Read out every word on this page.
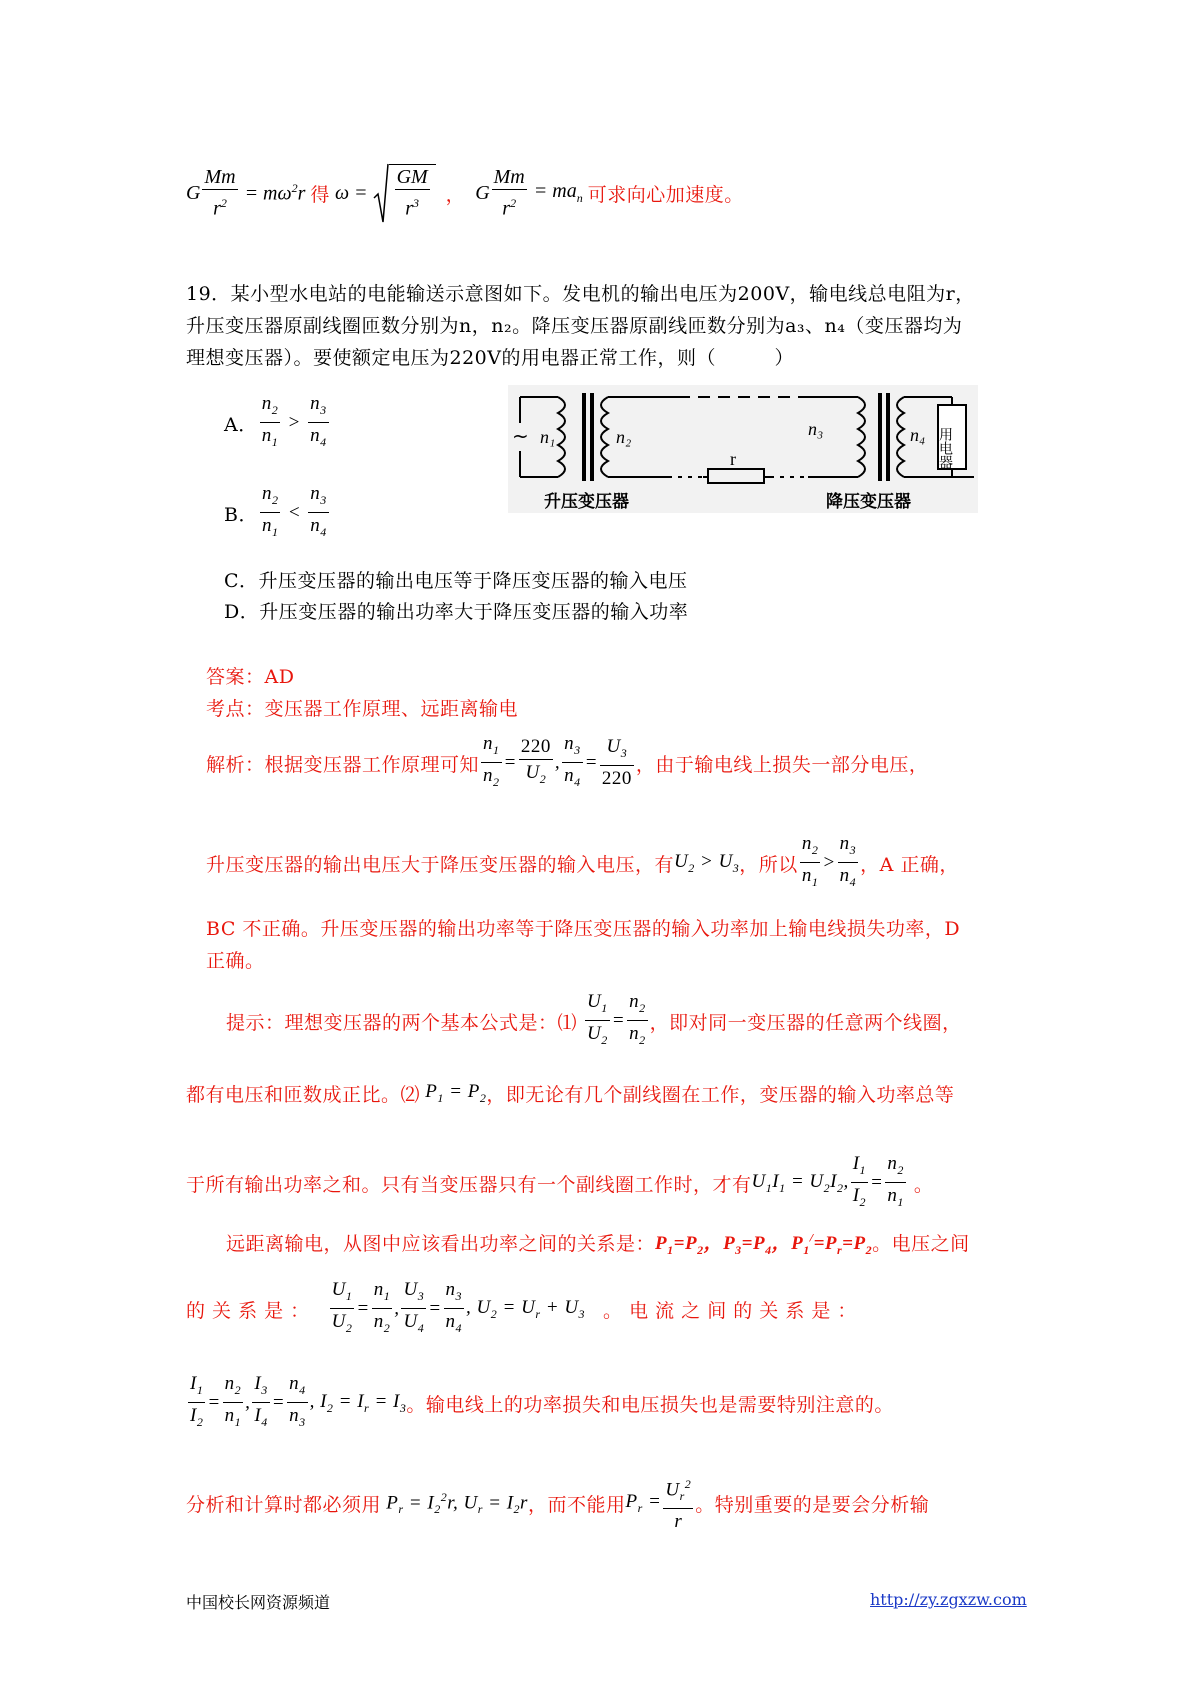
G $\frac{Mm}{r^2} = m\omega^2r$ 得 $\omega = \frac{GM}{r^3}$ ， G $\frac{Mm}{r^2} = ma_n$ 可求向心加速度。
19．某小型水电站的电能输送示意图如下。发电机的输出电压为200V，输电线总电阻为r，
升压变压器原副线圈匝数分别为n，n₂。降压变压器原副线匝数分别为a₃、n₄（变压器均为
理想变压器）。要使额定电压为220V的用电器正常工作，则（　　　）
A． $\frac{n_2}{n_1} > \frac{n_3}{n_4}$
B． $\frac{n_2}{n_1} < \frac{n_3}{n_4}$
C．升压变压器的输出电压等于降压变压器的输入电压
D．升压变压器的输出功率大于降压变压器的输入功率
~ n₁	n₂
r
n₃	n₄ 用电器
升压变压器	降压变压器
答案：AD
考点：变压器工作原理、远距离输电
解析：根据变压器工作原理可知 $\frac{n_1}{n_2} = \frac{220}{U_2}$ , $\frac{n_3}{n_4} = \frac{U_3}{220}$ ，由于输电线上损失一部分电压，
升压变压器的输出电压大于降压变压器的输入电压，有 $U_2 > U_3$ ，所以 $\frac{n_2}{n_1} > \frac{n_3}{n_4}$ ，A 正确，
BC 不正确。升压变压器的输出功率等于降压变压器的输入功率加上输电线损失功率，D
正确。
提示：理想变压器的两个基本公式是：⑴ $\frac{U_1}{U_2} = \frac{n_2}{n_2}$ ，即对同一变压器的任意两个线圈，
都有电压和匝数成正比。⑵ $P_1 = P_2$ ，即无论有几个副线圈在工作，变压器的输入功率总等
于所有输出功率之和。只有当变压器只有一个副线圈工作时，才有 $U_1I_1 = U_2I_2$, $\frac{I_1}{I_2} = \frac{n_2}{n_1}$ 。
远距离输电，从图中应该看出功率之间的关系是： $P_1=P_2$，$P_3=P_4$，$P_1^/=P_r=P_2$ 。电压之间
的 关 系 是 ： $\frac{U_1}{U_2} = \frac{n_1}{n_2}$ , $\frac{U_3}{U_4} = \frac{n_3}{n_4}$ , $U_2 = U_r + U_3$ 。 电 流 之 间 的 关 系 是 ：
$\frac{I_1}{I_2} = \frac{n_2}{n_1}$ , $\frac{I_3}{I_4} = \frac{n_4}{n_3}$ , $I_2 = I_r = I_3$ 。输电线上的功率损失和电压损失也是需要特别注意的。
分析和计算时都必须用 $P_r = I_2^2r$, $U_r = I_2r$ ，而不能用 $P_r = \frac{U_r^2}{r}$ 。特别重要的是要会分析输
中国校长网资源频道	http://zy.zgxzw.com
